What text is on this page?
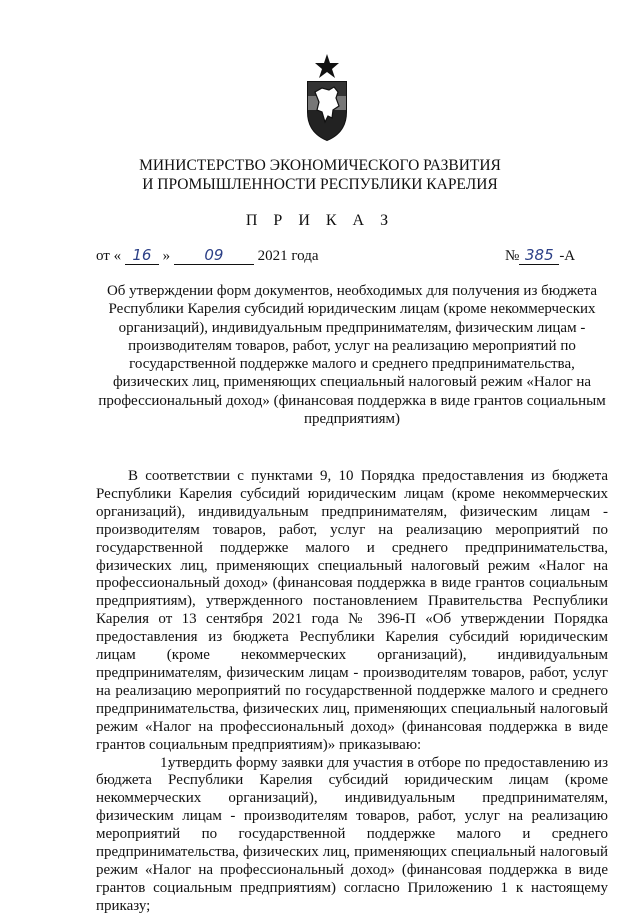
МИНИСТЕРСТВО ЭКОНОМИЧЕСКОГО РАЗВИТИЯ
И ПРОМЫШЛЕННОСТИ РЕСПУБЛИКИ КАРЕЛИЯ
П Р И К А З
от « 16 » 09 2021 года	№ 385 -А
Об утверждении форм документов, необходимых для получения из бюджета Республики Карелия субсидий юридическим лицам (кроме некоммерческих организаций), индивидуальным предпринимателям, физическим лицам - производителям товаров, работ, услуг на реализацию мероприятий по государственной поддержке малого и среднего предпринимательства, физических лиц, применяющих специальный налоговый режим «Налог на профессиональный доход» (финансовая поддержка в виде грантов социальным предприятиям)

В соответствии с пунктами 9, 10 Порядка предоставления из бюджета Республики Карелия субсидий юридическим лицам (кроме некоммерческих организаций), индивидуальным предпринимателям, физическим лицам - производителям товаров, работ, услуг на реализацию мероприятий по государственной поддержке малого и среднего предпринимательства, физических лиц, применяющих специальный налоговый режим «Налог на профессиональный доход» (финансовая поддержка в виде грантов социальным предприятиям), утвержденного постановлением Правительства Республики Карелия от 13 сентября 2021 года № 396-П «Об утверждении Порядка предоставления из бюджета Республики Карелия субсидий юридическим лицам (кроме некоммерческих организаций), индивидуальным предпринимателям, физическим лицам - производителям товаров, работ, услуг на реализацию мероприятий по государственной поддержке малого и среднего предпринимательства, физических лиц, применяющих специальный налоговый режим «Налог на профессиональный доход» (финансовая поддержка в виде грантов социальным предприятиям)» приказываю:

1.утвердить форму заявки для участия в отборе по предоставлению из бюджета Республики Карелия субсидий юридическим лицам (кроме некоммерческих организаций), индивидуальным предпринимателям, физическим лицам - производителям товаров, работ, услуг на реализацию мероприятий по государственной поддержке малого и среднего предпринимательства, физических лиц, применяющих специальный налоговый режим «Налог на профессиональный доход» (финансовая поддержка в виде грантов социальным предприятиям) согласно Приложению 1 к настоящему приказу;
